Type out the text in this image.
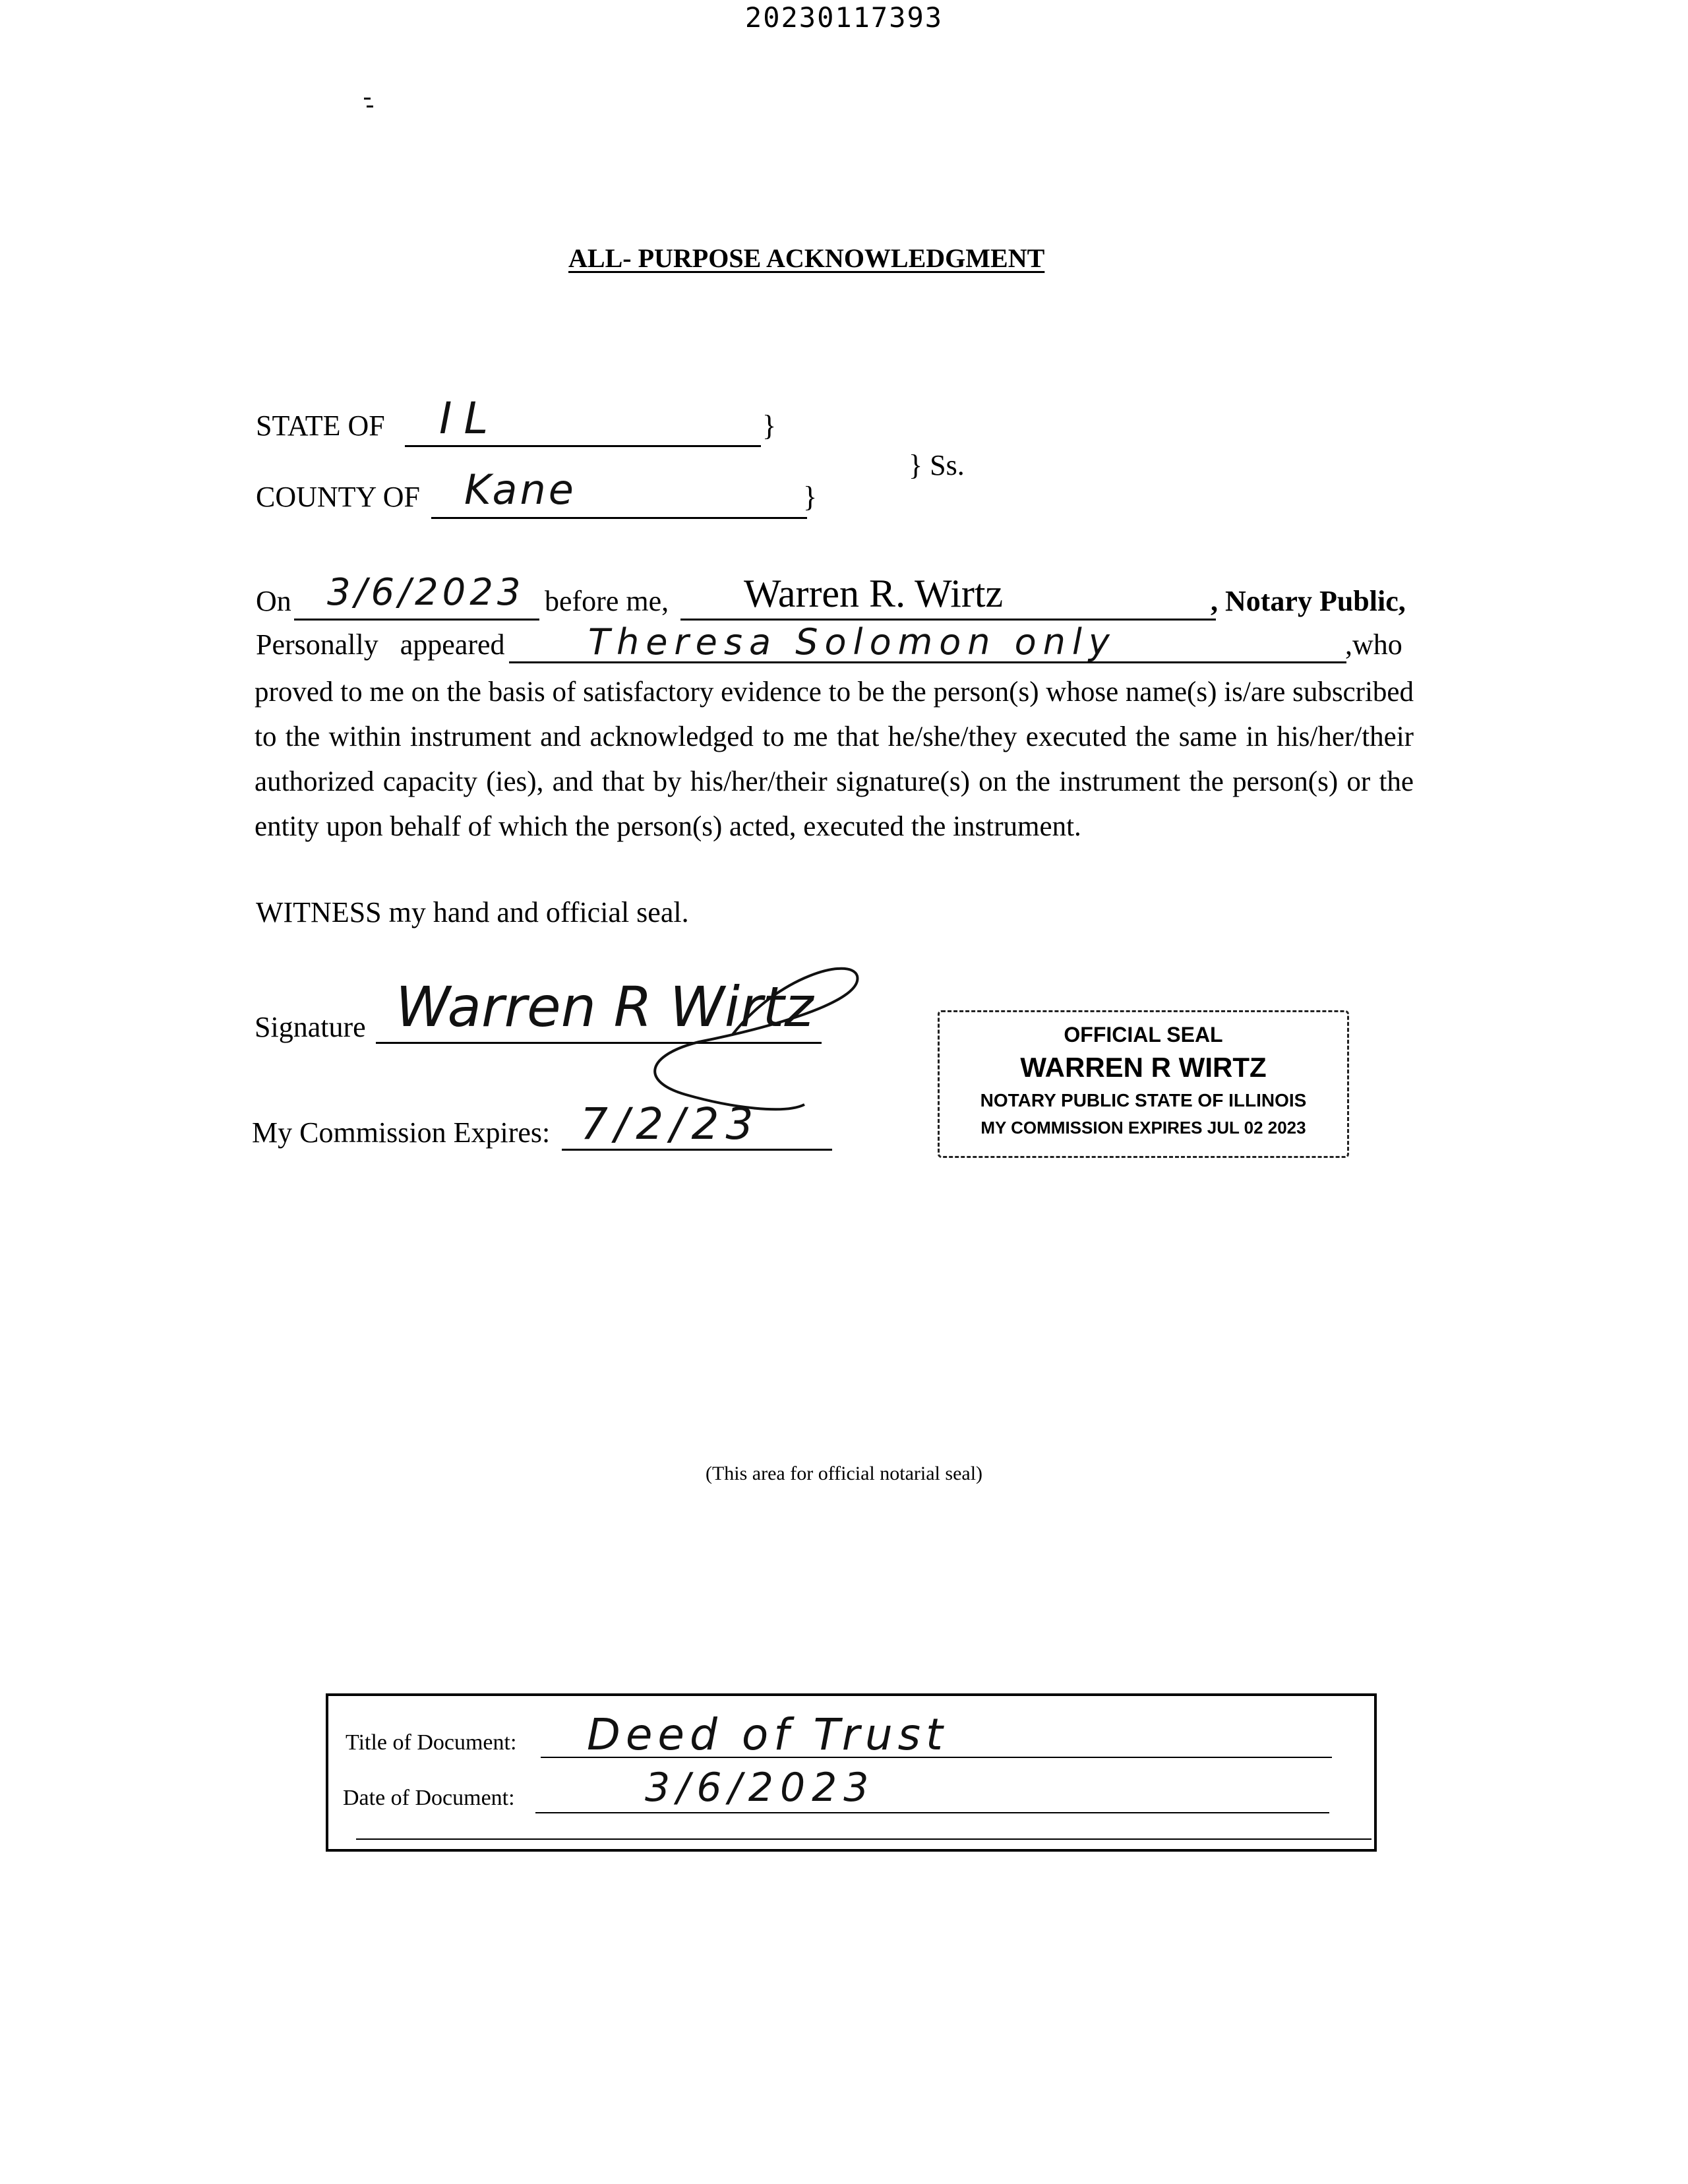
20230117393
ALL- PURPOSE ACKNOWLEDGMENT
STATE OF IL	}
COUNTY OF Kane	}
} Ss.
On 3/6/2023 before me, Warren R. Wirtz	, Notary Public,
Personally   appeared Theresa Solomon only	,who
proved to me on the basis of satisfactory evidence to be the person(s) whose name(s) is/are subscribed to the within instrument and acknowledged to me that he/she/they executed the same in his/her/their authorized capacity (ies), and that by his/her/their signature(s) on the instrument the person(s) or the entity upon behalf of which the person(s) acted, executed the instrument.
WITNESS my hand and official seal.
Signature Warren R Wirtz
My Commission Expires: 7/2/23
OFFICIAL SEAL
WARREN R WIRTZ
NOTARY PUBLIC STATE OF ILLINOIS
MY COMMISSION EXPIRES JUL 02 2023
(This area for official notarial seal)
Title of Document: Deed of Trust
Date of Document:	3/6/2023
